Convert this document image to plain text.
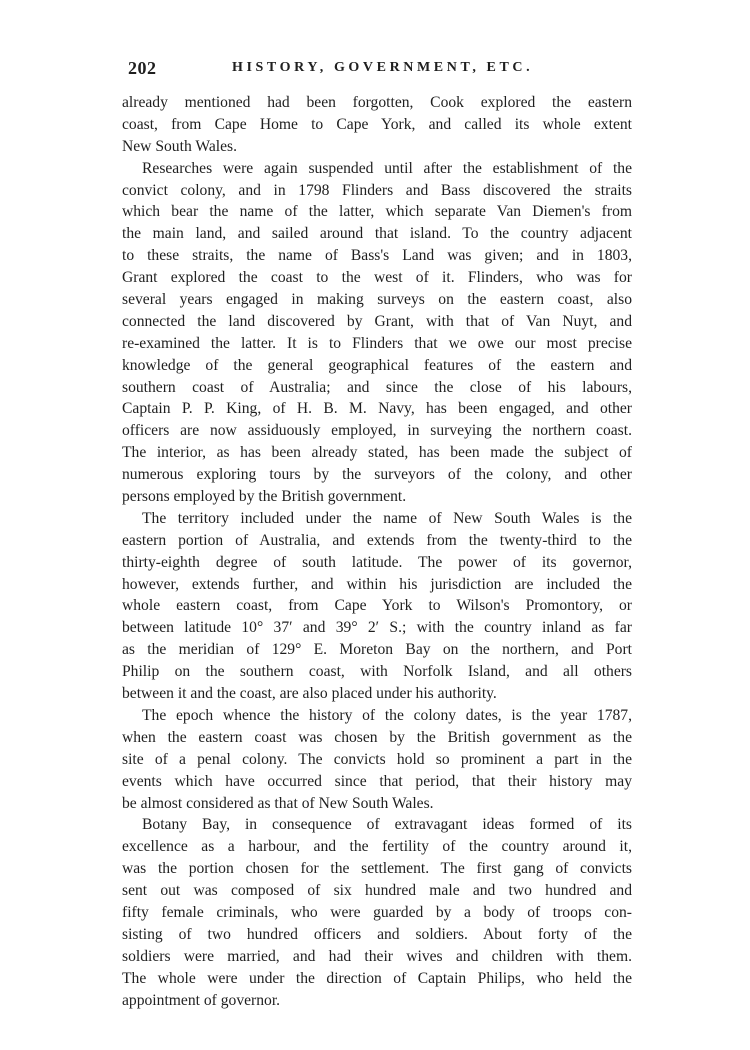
202	HISTORY, GOVERNMENT, ETC.
already mentioned had been forgotten, Cook explored the eastern
coast, from Cape Home to Cape York, and called its whole extent
New South Wales.
Researches were again suspended until after the establishment of the
convict colony, and in 1798 Flinders and Bass discovered the straits
which bear the name of the latter, which separate Van Diemen's from
the main land, and sailed around that island. To the country adjacent
to these straits, the name of Bass's Land was given; and in 1803,
Grant explored the coast to the west of it. Flinders, who was for
several years engaged in making surveys on the eastern coast, also
connected the land discovered by Grant, with that of Van Nuyt, and
re-examined the latter. It is to Flinders that we owe our most precise
knowledge of the general geographical features of the eastern and
southern coast of Australia; and since the close of his labours,
Captain P. P. King, of H. B. M. Navy, has been engaged, and other
officers are now assiduously employed, in surveying the northern coast.
The interior, as has been already stated, has been made the subject of
numerous exploring tours by the surveyors of the colony, and other
persons employed by the British government.
The territory included under the name of New South Wales is the
eastern portion of Australia, and extends from the twenty-third to the
thirty-eighth degree of south latitude. The power of its governor,
however, extends further, and within his jurisdiction are included the
whole eastern coast, from Cape York to Wilson's Promontory, or
between latitude 10° 37′ and 39° 2′ S.; with the country inland as far
as the meridian of 129° E. Moreton Bay on the northern, and Port
Philip on the southern coast, with Norfolk Island, and all others
between it and the coast, are also placed under his authority.
The epoch whence the history of the colony dates, is the year 1787,
when the eastern coast was chosen by the British government as the
site of a penal colony. The convicts hold so prominent a part in the
events which have occurred since that period, that their history may
be almost considered as that of New South Wales.
Botany Bay, in consequence of extravagant ideas formed of its
excellence as a harbour, and the fertility of the country around it,
was the portion chosen for the settlement. The first gang of convicts
sent out was composed of six hundred male and two hundred and
fifty female criminals, who were guarded by a body of troops con-
sisting of two hundred officers and soldiers. About forty of the
soldiers were married, and had their wives and children with them.
The whole were under the direction of Captain Philips, who held the
appointment of governor.
